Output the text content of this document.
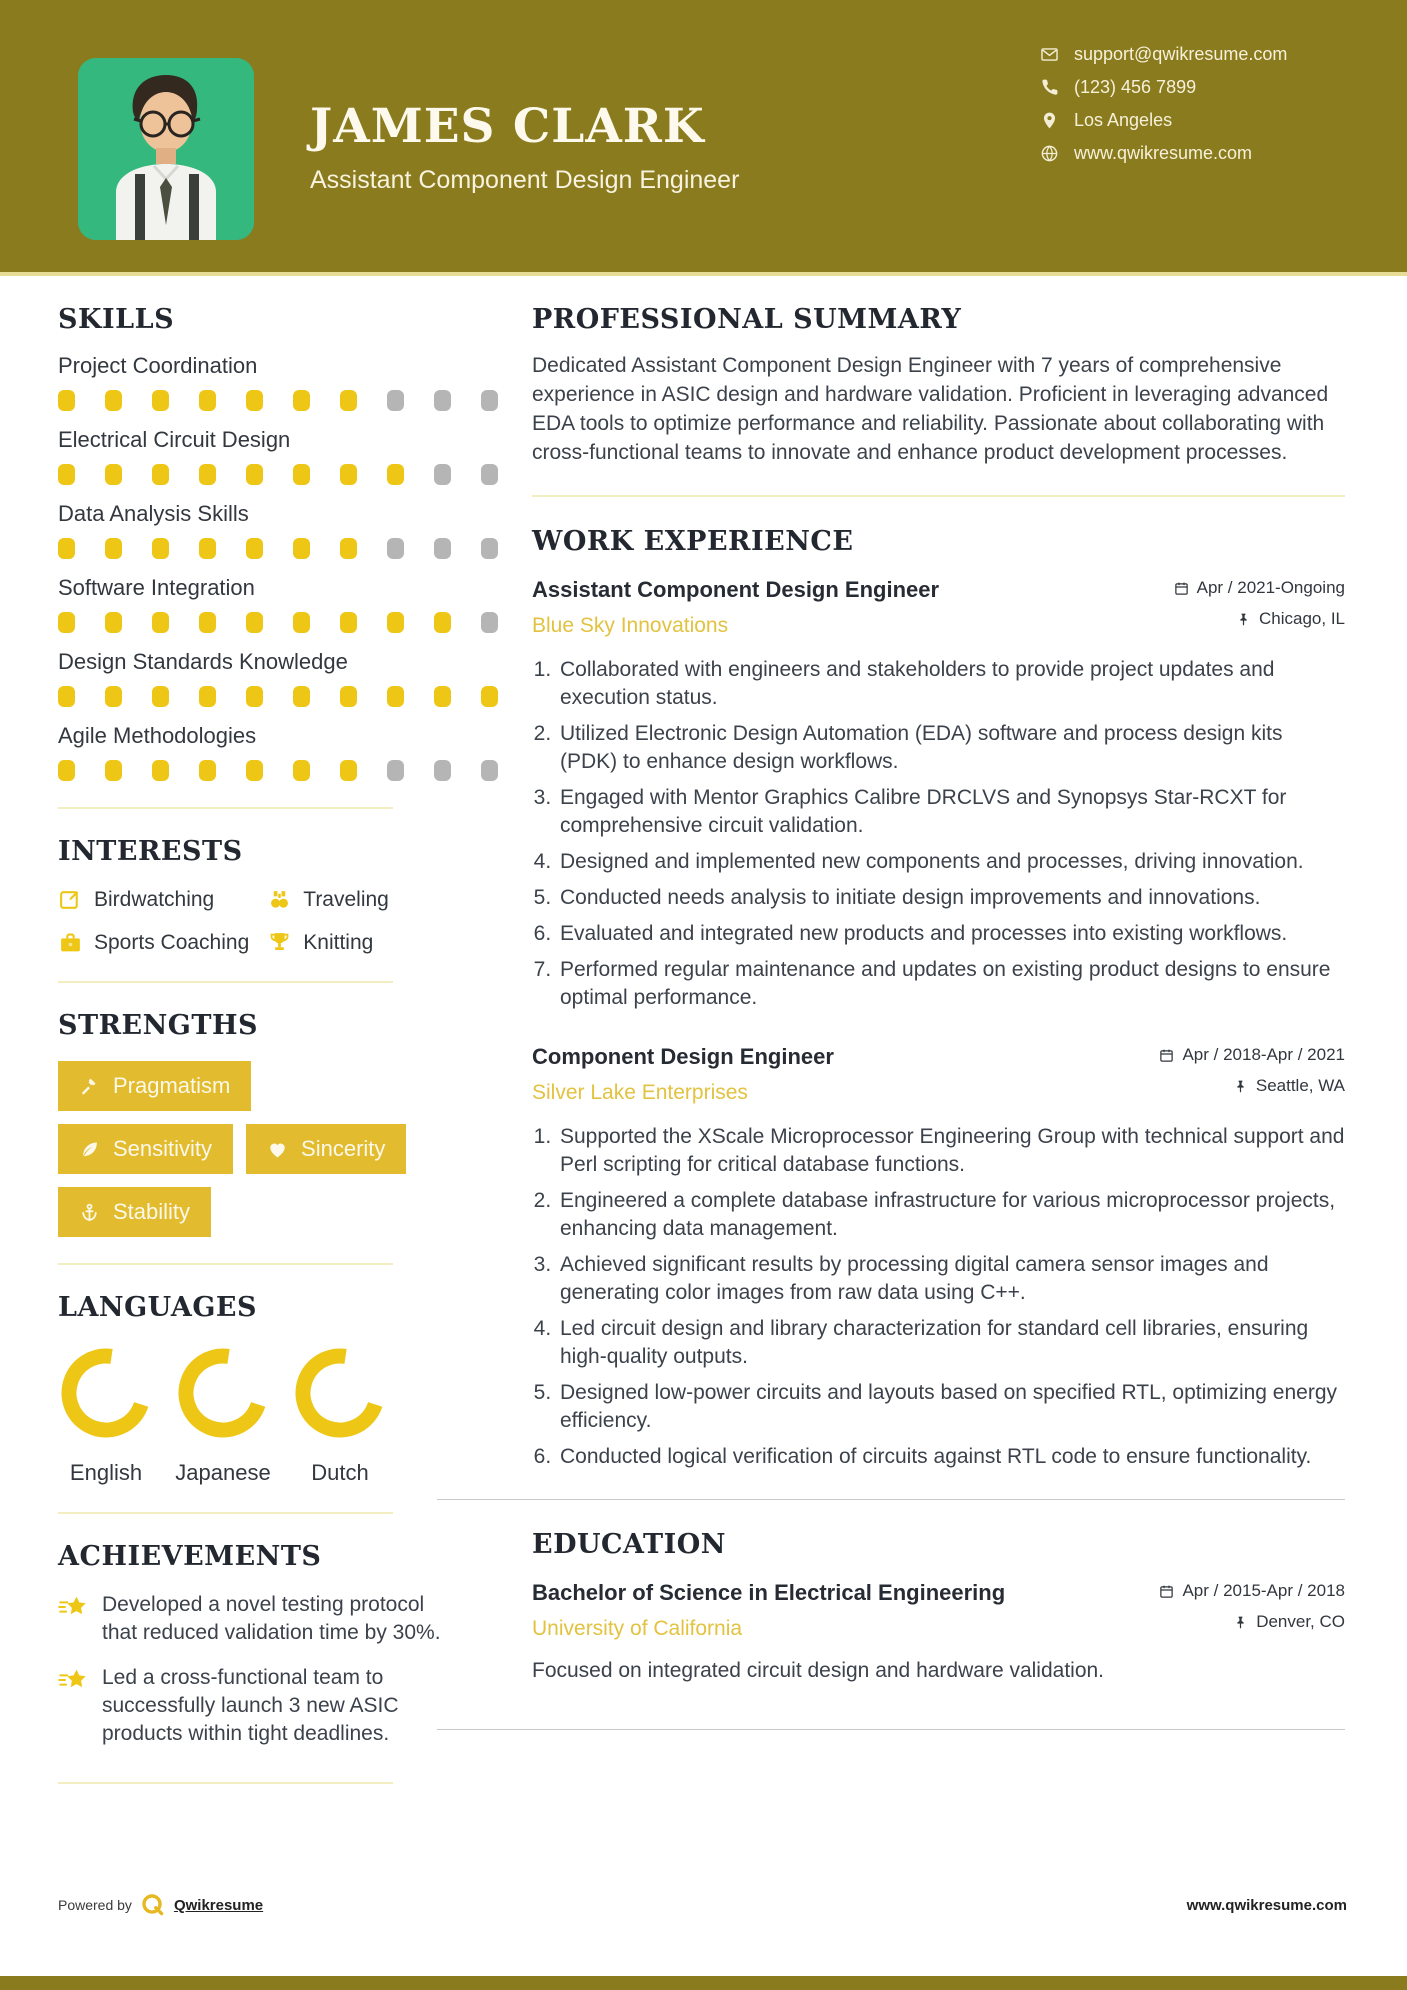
JAMES CLARK
Assistant Component Design Engineer
support@qwikresume.com
(123) 456 7899
Los Angeles
www.qwikresume.com
SKILLS
Project Coordination
Electrical Circuit Design
Data Analysis Skills
Software Integration
Design Standards Knowledge
Agile Methodologies
INTERESTS
Birdwatching	Traveling
Sports Coaching	Knitting
STRENGTHS
Pragmatism
Sensitivity	Sincerity
Stability
LANGUAGES
English	Japanese	Dutch
ACHIEVEMENTS
Developed a novel testing protocol that reduced validation time by 30%.
Led a cross-functional team to successfully launch 3 new ASIC products within tight deadlines.
PROFESSIONAL SUMMARY

Dedicated Assistant Component Design Engineer with 7 years of comprehensive experience in ASIC design and hardware validation. Proficient in leveraging advanced EDA tools to optimize performance and reliability. Passionate about collaborating with cross-functional teams to innovate and enhance product development processes.

WORK EXPERIENCE
Assistant Component Design Engineer
Blue Sky Innovations
Apr / 2021-Ongoing
Chicago, IL
1. Collaborated with engineers and stakeholders to provide project updates and execution status.
2. Utilized Electronic Design Automation (EDA) software and process design kits (PDK) to enhance design workflows.
3. Engaged with Mentor Graphics Calibre DRCLVS and Synopsys Star-RCXT for comprehensive circuit validation.
4. Designed and implemented new components and processes, driving innovation.
5. Conducted needs analysis to initiate design improvements and innovations.
6. Evaluated and integrated new products and processes into existing workflows.
7. Performed regular maintenance and updates on existing product designs to ensure optimal performance.
Component Design Engineer
Silver Lake Enterprises
Apr / 2018-Apr / 2021
Seattle, WA
1. Supported the XScale Microprocessor Engineering Group with technical support and Perl scripting for critical database functions.
2. Engineered a complete database infrastructure for various microprocessor projects, enhancing data management.
3. Achieved significant results by processing digital camera sensor images and generating color images from raw data using C++.
4. Led circuit design and library characterization for standard cell libraries, ensuring high-quality outputs.
5. Designed low-power circuits and layouts based on specified RTL, optimizing energy efficiency.
6. Conducted logical verification of circuits against RTL code to ensure functionality.
EDUCATION
Bachelor of Science in Electrical Engineering
University of California
Apr / 2015-Apr / 2018
Denver, CO
Focused on integrated circuit design and hardware validation.
Powered by	Qwikresume	www.qwikresume.com
